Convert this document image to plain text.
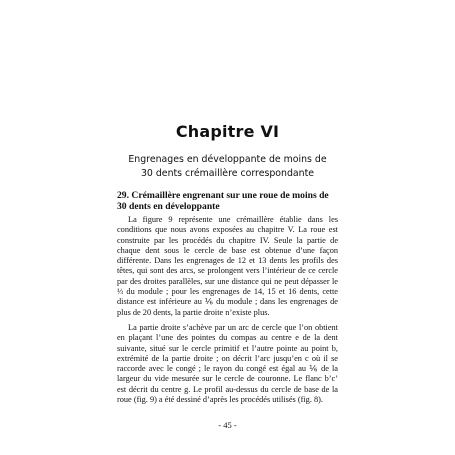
Chapitre VI
Engrenages en développante de moins de
30 dents crémaillère correspondante
29. Crémaillère engrenant sur une roue de moins de 30 dents en développante

La figure 9 représente une crémaillère établie dans les conditions que nous avons exposées au chapitre V. La roue est construite par les procédés du chapitre IV. Seule la partie de chaque dent sous le cercle de base est obtenue d’une façon différente. Dans les engrenages de 12 et 13 dents les profils des têtes, qui sont des arcs, se prolongent vers l’intérieur de ce cercle par des droites parallèles, sur une distance qui ne peut dépasser le ⅓ du module ; pour les engrenages de 14, 15 et 16 dents, cette distance est inférieure au ⅙ du module ; dans les engrenages de plus de 20 dents, la partie droite n’existe plus.

La partie droite s’achève par un arc de cercle que l’on obtient en plaçant l’une des pointes du compas au centre e de la dent suivante, situé sur le cercle primitif et l’autre pointe au point b, extrémité de la partie droite ; on décrit l’arc jusqu’en c où il se raccorde avec le congé ; le rayon du congé est égal au ⅙ de la largeur du vide mesurée sur le cercle de couronne. Le flanc b’c’ est décrit du centre g. Le profil au-dessus du cercle de base de la roue (fig. 9) a été dessiné d’après les procédés utilisés (fig. 8).

- 45 -
